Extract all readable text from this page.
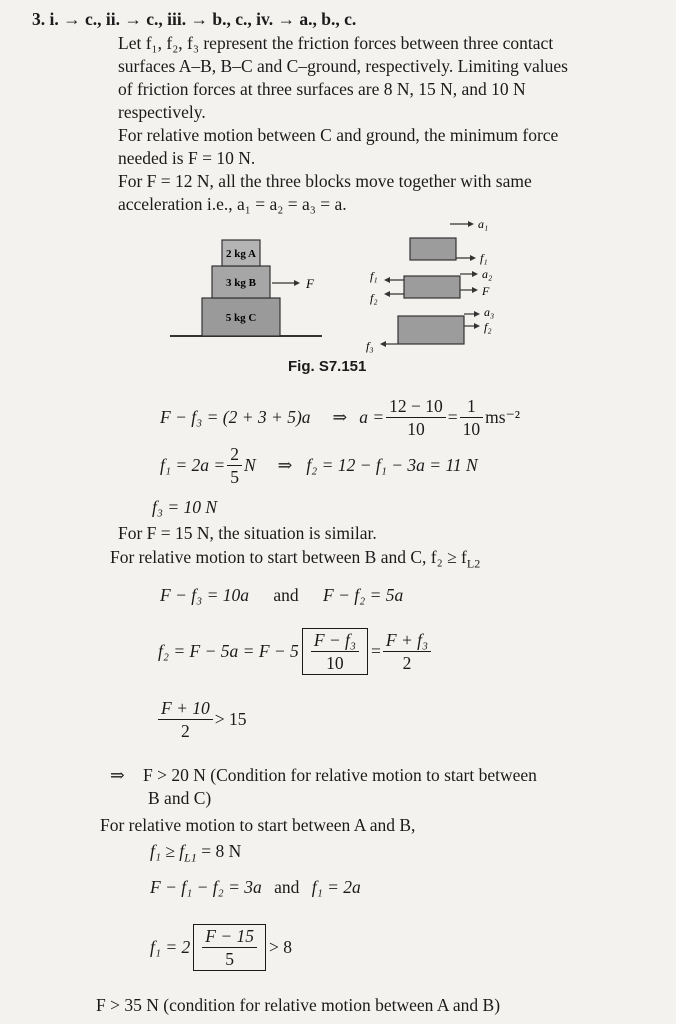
3. i. → c., ii. → c., iii. → b., c., iv. → a., b., c.
Let f₁, f₂, f₃ represent the friction forces between three contact
surfaces A–B, B–C and C–ground, respectively. Limiting values
of friction forces at three surfaces are 8 N, 15 N, and 10 N
respectively.
For relative motion between C and ground, the minimum force
needed is F = 10 N.
For F = 12 N, all the three blocks move together with same
acceleration i.e., a₁ = a₂ = a₃ = a.
2 kg A
3 kg B
5 kg C
F
a₁
f₁
f₁
f₂
a₂
F
a₃
f₂
f₃
Fig. S7.151
F − f₃ = (2 + 3 + 5)a ⇒ $a = \frac{12 - 10}{10} = \frac{1}{10} ms^{-2}$
$f_1 = 2a = \frac{2}{5}$ N ⇒ f₂ = 12 − f₁ − 3a = 11 N
f₃ = 10 N
For F = 15 N, the situation is similar.
For relative motion to start between B and C, $f_2 \ge f_{L2}$
F − f₃ = 10a and F − f₂ = 5a
$f_2 = F - 5a = F - 5 \frac{\text{F − f₃}}{10} = \frac{\text{F + f₃}}{2}$
$\frac{F + 10}{2} > 15$
⇒ F > 20 N (Condition for relative motion to start between
B and C)
For relative motion to start between A and B,
$f_1 \ge f_{L1} = 8$ N
F − f₁ − f₂ = 3a and f₁ = 2a
$f_1 = 2 \frac{F - 15}{5} > 8$
F > 35 N (condition for relative motion between A and B)
